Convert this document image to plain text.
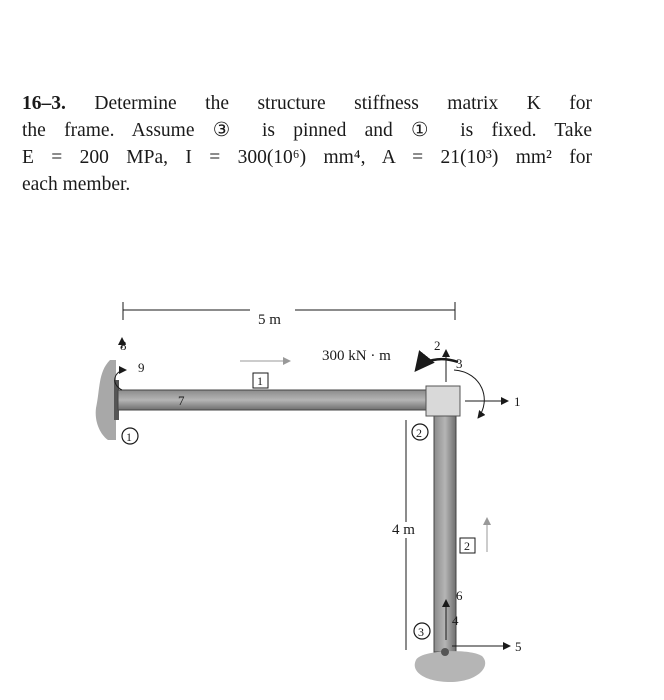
16–3. Determine the structure stiffness matrix K for
the frame. Assume ③ is pinned and ① is fixed. Take
E = 200 MPa, I = 300(10⁶) mm⁴, A = 21(10³) mm² for
each member.
5 m
4 m
300 kN · m
1	2
3
1
2
1
2
3
5
4
6
8
9
7
